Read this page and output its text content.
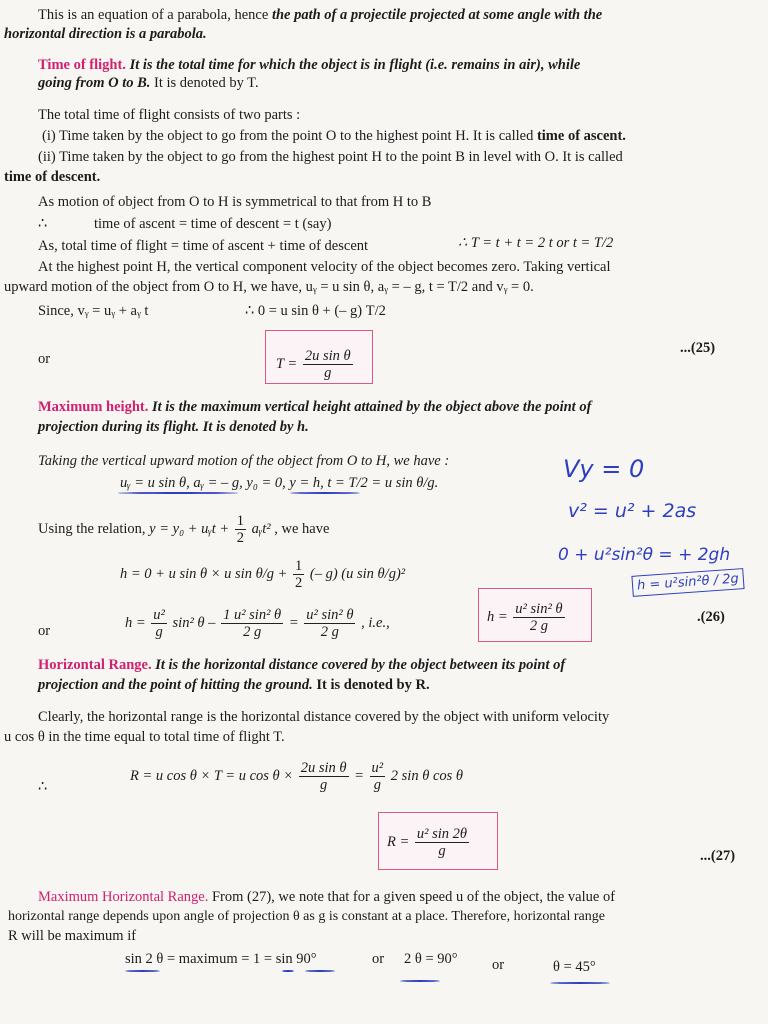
This is an equation of a parabola, hence the path of a projectile projected at some angle with the
horizontal direction is a parabola.
Time of flight. It is the total time for which the object is in flight (i.e. remains in air), while
going from O to B. It is denoted by T.
The total time of flight consists of two parts :
(i) Time taken by the object to go from the point O to the highest point H. It is called time of ascent.
(ii) Time taken by the object to go from the highest point H to the point B in level with O. It is called
time of descent.
As motion of object from O to H is symmetrical to that from H to B
∴	time of ascent = time of descent = t (say)
As, total time of flight = time of ascent + time of descent	∴ T = t + t = 2 t or t = T/2
At the highest point H, the vertical component velocity of the object becomes zero. Taking vertical
upward motion of the object from O to H, we have, uᵧ = u sin θ, aᵧ = – g, t = T/2 and vᵧ = 0.
Since, vᵧ = uᵧ + aᵧ t	∴ 0 = u sin θ + (– g) T/2
or	$T = \frac{\text{2u sin θ}}{g}$	...(25)
Maximum height. It is the maximum vertical height attained by the object above the point of
projection during its flight. It is denoted by h.
Taking the vertical upward motion of the object from O to H, we have :
uᵧ = u sin θ, aᵧ = – g, y₀ = 0, y = h, t = T/2 = u sin θ/g.
Using the relation, y = y₀ + uᵧt + $\frac{1}{2}$ aᵧt² , we have
h = 0 + u sin θ × u $\sin \theta/g + \frac{1}{2}$ (– g) (u sin θ/g)²
or
$h = \frac{\text{u²}}{g} \sin^2$ $\theta - \frac{\text{1 u² sin² θ}}{2 g} = \frac{\text{u² sin² θ}}{2 g}$ , i.e.,	$h = \frac{\text{u² sin² θ}}{2 g}$	.(26)
Horizontal Range. It is the horizontal distance covered by the object between its point of
projection and the point of hitting the ground. It is denoted by R.
Clearly, the horizontal range is the horizontal distance covered by the object with uniform velocity
u cos θ in the time equal to total time of flight T.
∴
R = u cos θ × T = u $\cos \theta \times \frac{\text{2u sin θ}}{g} = \frac{\text{u²}}{g} 2$ sin θ cos θ
$R = \frac{\text{u² sin 2θ}}{g}$	...(27)
Maximum Horizontal Range. From (27), we note that for a given speed u of the object, the value of
horizontal range depends upon angle of projection θ as g is constant at a place. Therefore, horizontal range
R will be maximum if
sin 2 θ = maximum = 1 = sin 90°	or 2 θ = 90° or	θ = 45°
Vy = 0
v² = u² + 2as
0 + u²sin²θ = + 2gh
h = u²sin²θ / 2g
